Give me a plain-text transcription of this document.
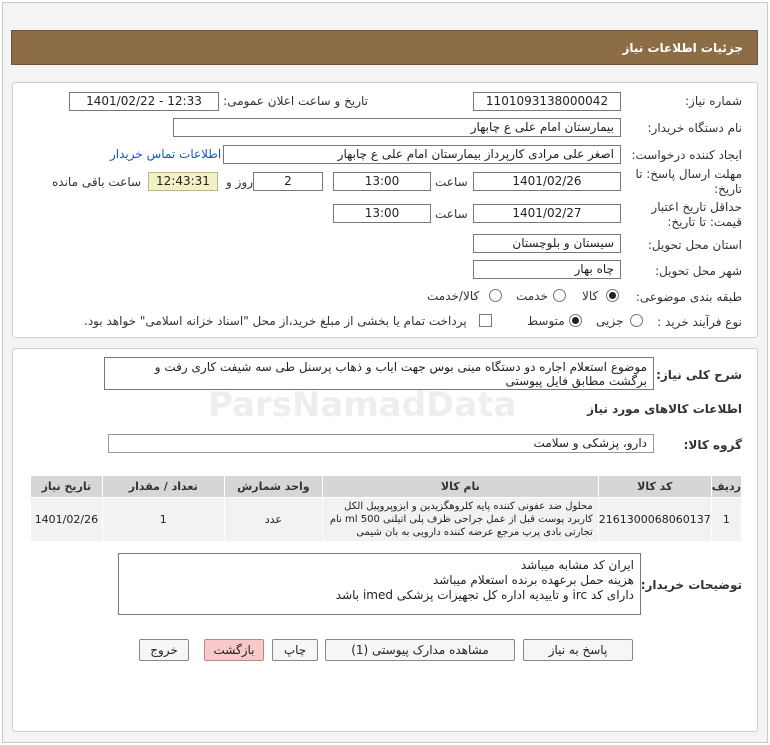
جزئیات اطلاعات نیاز
شماره نیاز:
1101093138000042
تاریخ و ساعت اعلان عمومی:
1401/02/22 - 12:33
نام دستگاه خریدار:
بیمارستان امام علی ع چابهار
ایجاد کننده درخواست:
اصغر علی مرادی کارپرداز بیمارستان امام علی ع چابهار
اطلاعات تماس خریدار
مهلت ارسال پاسخ: تا
تاریخ:
1401/02/26
ساعت
13:00
2
روز و
12:43:31
ساعت باقی مانده
حداقل تاریخ اعتبار
قیمت: تا تاریخ:
1401/02/27
ساعت
13:00
استان محل تحویل:
سیستان و بلوچستان
شهر محل تحویل:
چاه بهار
طبقه بندی موضوعی:
کالا
خدمت
کالا/خدمت
نوع فرآیند خرید :
جزیی
متوسط
پرداخت تمام یا بخشی از مبلغ خرید،از محل "اسناد خزانه اسلامی" خواهد بود.
شرح کلی نیاز:
موضوع استعلام اجاره دو دستگاه مینی بوس جهت ایاب و ذهاب پرسنل طی سه شیفت کاری رفت و
برگشت مطابق فایل پیوستی
اطلاعات کالاهای مورد نیاز
گروه کالا:
دارو، پزشکی و سلامت
ردیف	کد کالا	نام کالا	واحد شمارش	تعداد / مقدار	تاریخ نیاز
1	2161300068060137	محلول ضد عفونی کننده پایه کلروهگزیدین و ایزوپروپیل الکل
کاربرد پوست قبل از عمل جراحی ظرف پلی اتیلنی 500 ml نام
تجارتی بادی پرپ مرجع عرضه کننده دارویی به بان شیمی	عدد	1	1401/02/26
توضیحات خریدار:
ایران کد مشابه میباشد
هزینه حمل برعهده برنده استعلام میباشد
دارای کد irc و تاییدیه اداره کل تجهیزات پزشکی imed باشد
پاسخ به نیاز
مشاهده مدارک پیوستی (1)
چاپ
بازگشت
خروج
